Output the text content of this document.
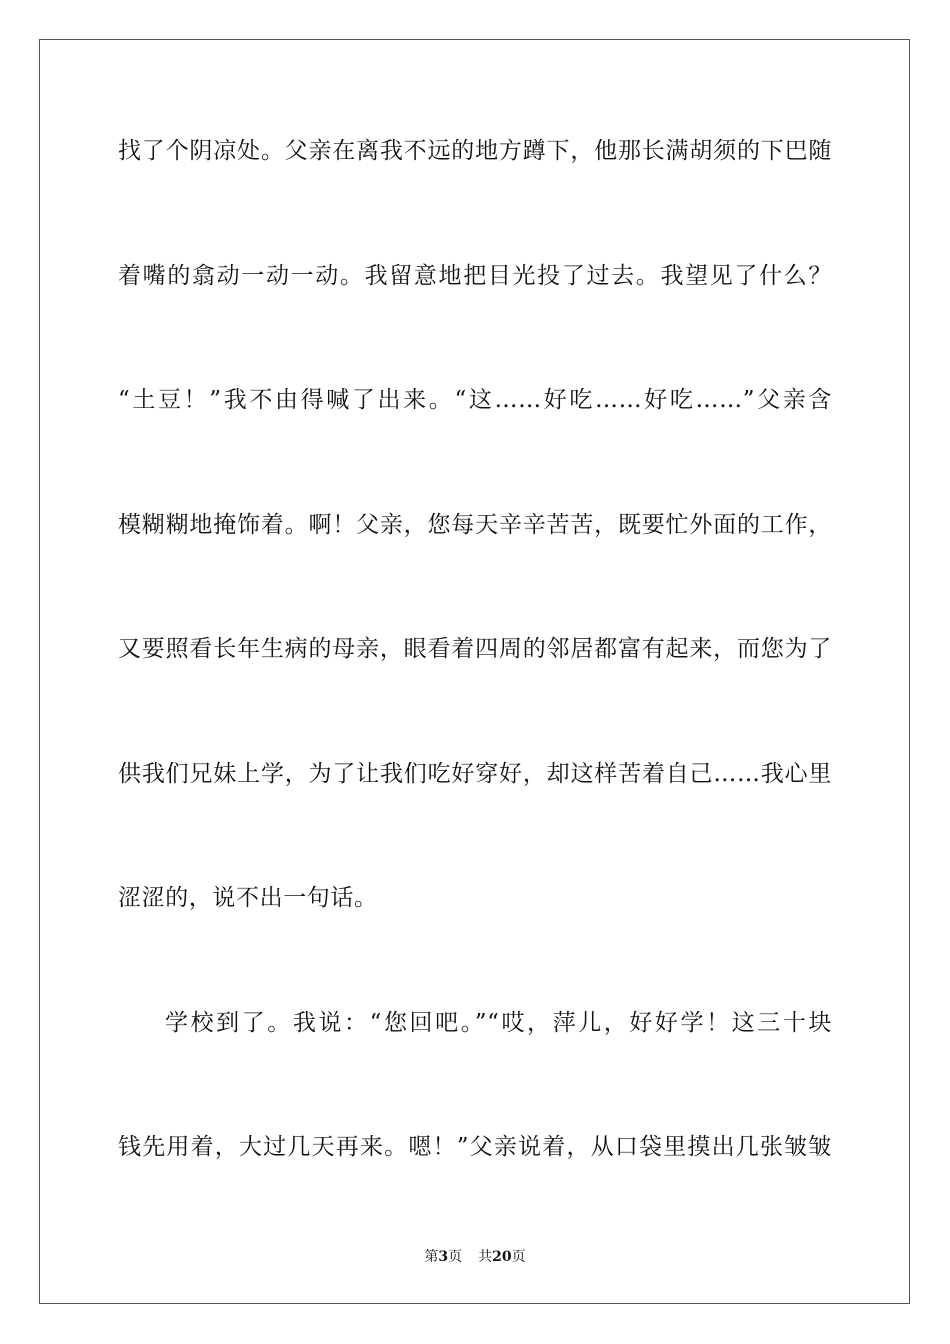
找了个阴凉处。父亲在离我不远的地方蹲下，他那长满胡须的下巴随
着嘴的翕动一动一动。我留意地把目光投了过去。我望见了什么？
“土豆！”我不由得喊了出来。“这……好吃……好吃……”父亲含
模糊糊地掩饰着。啊！父亲，您每天辛辛苦苦，既要忙外面的工作，
又要照看长年生病的母亲，眼看着四周的邻居都富有起来，而您为了
供我们兄妹上学，为了让我们吃好穿好，却这样苦着自己……我心里
涩涩的，说不出一句话。
学校到了。我说：“您回吧。”“哎，萍儿，好好学！这三十块
钱先用着，大过几天再来。嗯！”父亲说着，从口袋里摸出几张皱皱
第3页 共20页
